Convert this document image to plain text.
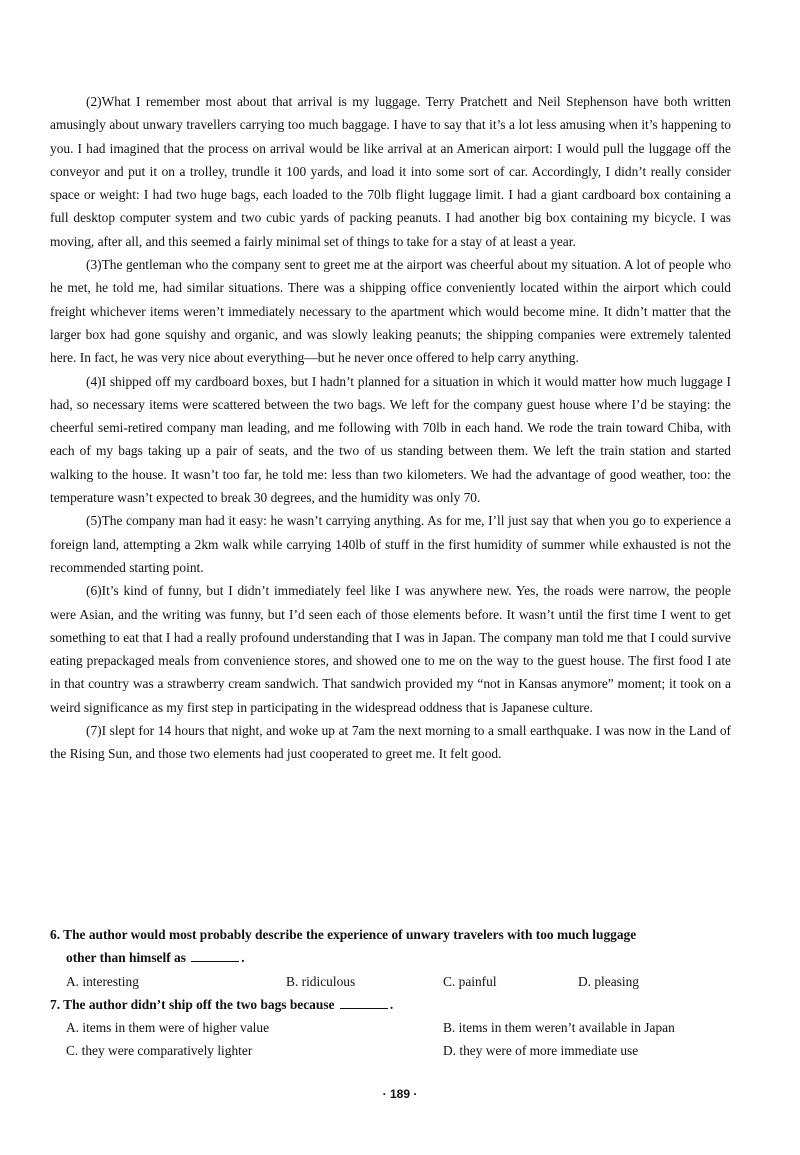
(2)What I remember most about that arrival is my luggage. Terry Pratchett and Neil Stephenson have both written amusingly about unwary travellers carrying too much baggage. I have to say that it’s a lot less amusing when it’s happening to you. I had imagined that the process on arrival would be like arrival at an American airport: I would pull the luggage off the conveyor and put it on a trolley, trundle it 100 yards, and load it into some sort of car. Accordingly, I didn’t really consider space or weight: I had two huge bags, each loaded to the 70lb flight luggage limit. I had a giant cardboard box containing a full desktop computer system and two cubic yards of packing peanuts. I had another big box containing my bicycle. I was moving, after all, and this seemed a fairly minimal set of things to take for a stay of at least a year.

(3)The gentleman who the company sent to greet me at the airport was cheerful about my situation. A lot of people who he met, he told me, had similar situations. There was a shipping office conveniently located within the airport which could freight whichever items weren’t immediately necessary to the apartment which would become mine. It didn’t matter that the larger box had gone squishy and organic, and was slowly leaking peanuts; the shipping companies were extremely talented here. In fact, he was very nice about everything—but he never once offered to help carry anything.

(4)I shipped off my cardboard boxes, but I hadn’t planned for a situation in which it would matter how much luggage I had, so necessary items were scattered between the two bags. We left for the company guest house where I’d be staying: the cheerful semi-retired company man leading, and me following with 70lb in each hand. We rode the train toward Chiba, with each of my bags taking up a pair of seats, and the two of us standing between them. We left the train station and started walking to the house. It wasn’t too far, he told me: less than two kilometers. We had the advantage of good weather, too: the temperature wasn’t expected to break 30 degrees, and the humidity was only 70.

(5)The company man had it easy: he wasn’t carrying anything. As for me, I’ll just say that when you go to experience a foreign land, attempting a 2km walk while carrying 140lb of stuff in the first humidity of summer while exhausted is not the recommended starting point.

(6)It’s kind of funny, but I didn’t immediately feel like I was anywhere new. Yes, the roads were narrow, the people were Asian, and the writing was funny, but I’d seen each of those elements before. It wasn’t until the first time I went to get something to eat that I had a really profound understanding that I was in Japan. The company man told me that I could survive eating prepackaged meals from convenience stores, and showed one to me on the way to the guest house. The first food I ate in that country was a strawberry cream sandwich. That sandwich provided my “not in Kansas anymore” moment; it took on a weird significance as my first step in participating in the widespread oddness that is Japanese culture.

(7)I slept for 14 hours that night, and woke up at 7am the next morning to a small earthquake. I was now in the Land of the Rising Sun, and those two elements had just cooperated to greet me. It felt good.

6. The author would most probably describe the experience of unwary travelers with too much luggage
other than himself as	.

A. interesting	B. ridiculous	C. painful	D. pleasing

7. The author didn’t ship off the two bags because	.

A. items in them were of higher value	B. items in them weren’t available in Japan
C. they were comparatively lighter	D. they were of more immediate use
· 189 ·
